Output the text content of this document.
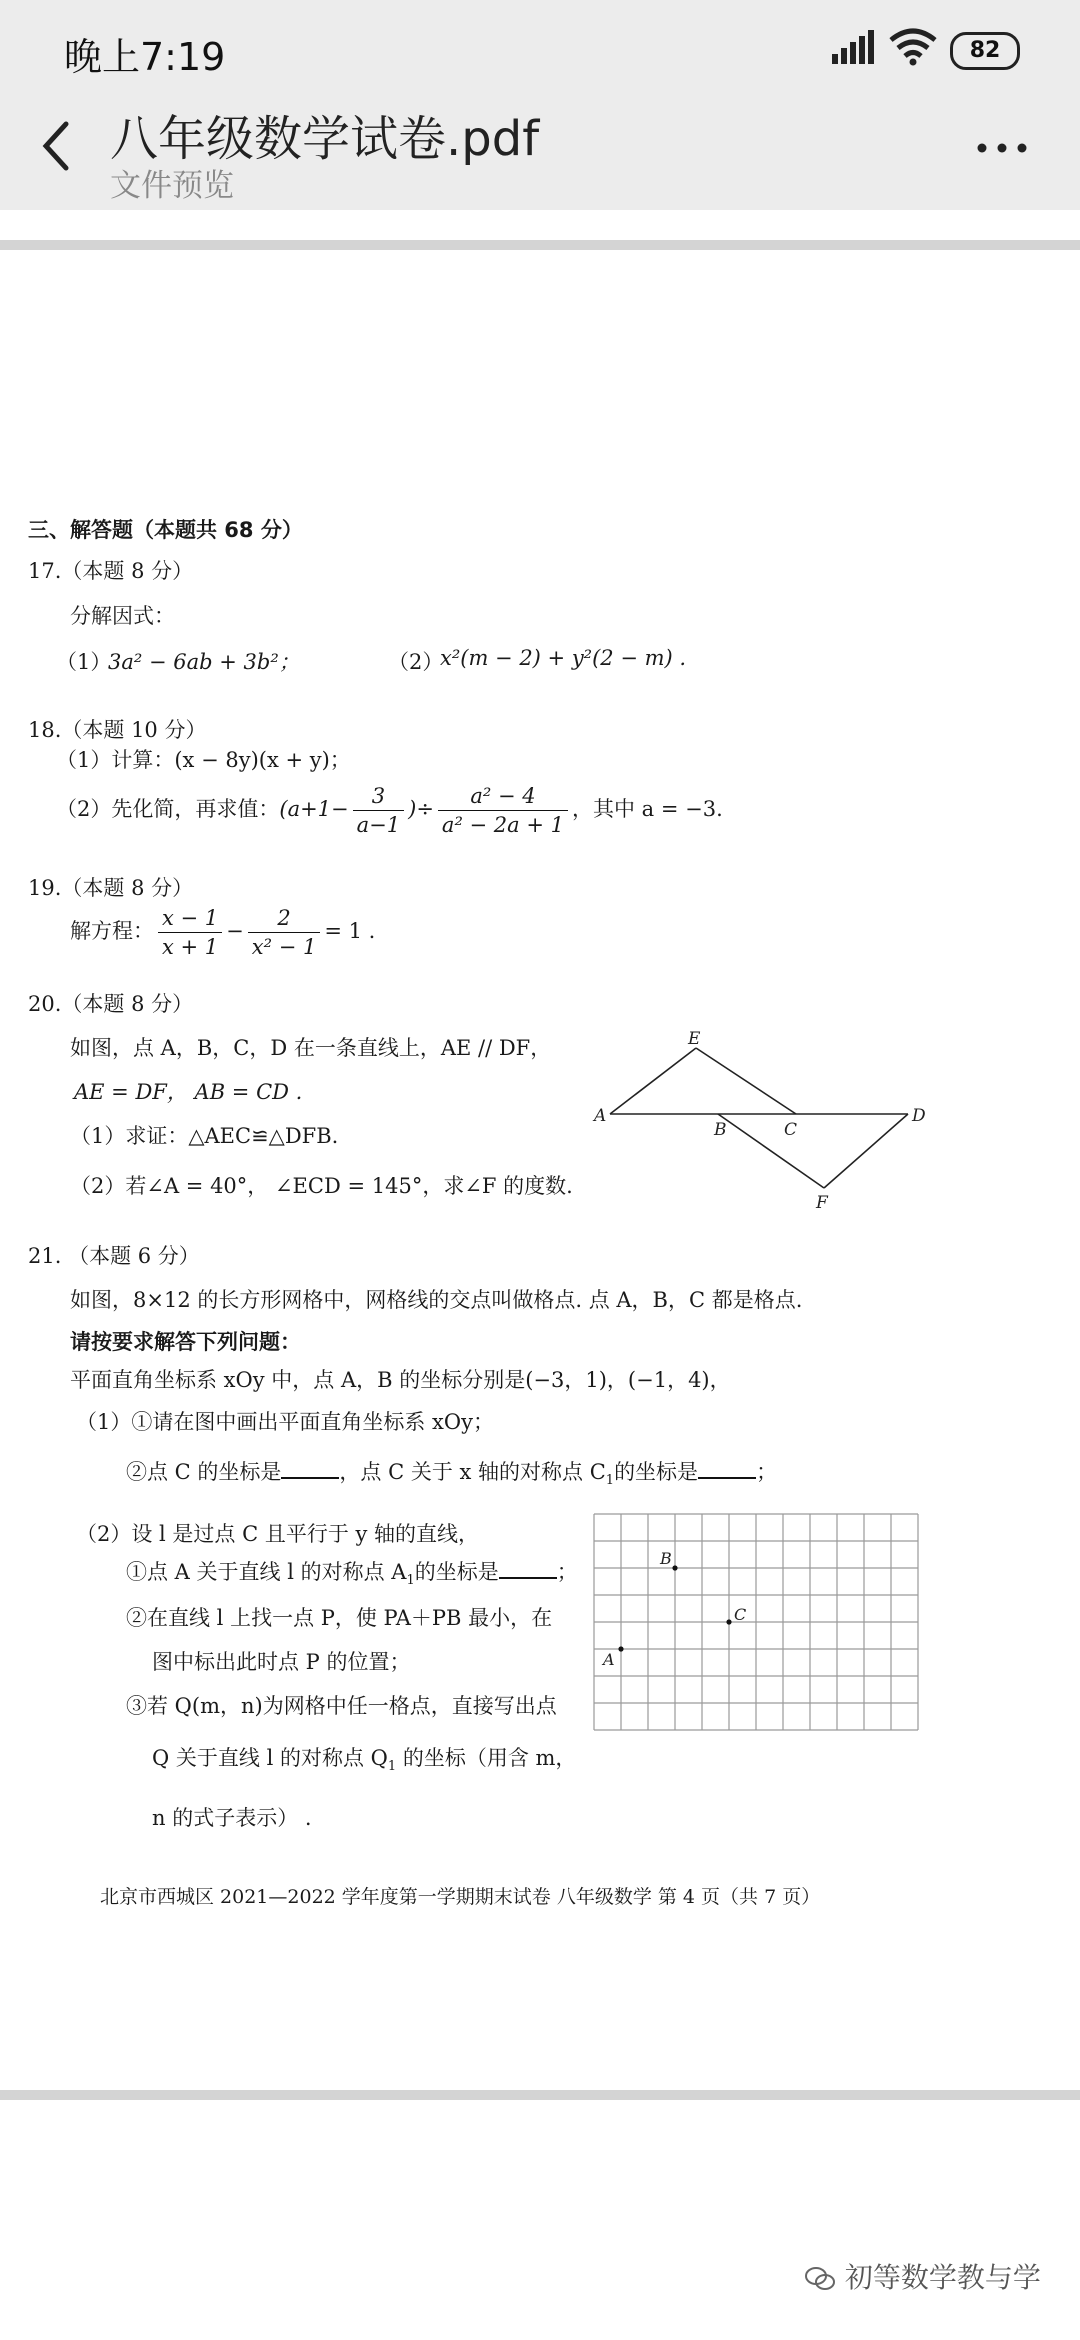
晚上7:19	82
八年级数学试卷.pdf
文件预览
三、解答题（本题共 68 分）
17.（本题 8 分）
分解因式：
（1）
3a² − 6ab + 3b²；	（2）
x²(m − 2) + y²(2 − m) .
18.（本题 10 分）
（1）计算：(x − 8y)(x + y)；
（2）先化简，再求值：($a+1- \frac{3}{a-1}$ )÷ $\frac{\text{a² − 4}}{\text{a² − 2a + 1}}$ ，其中 a = −3.
19.（本题 8 分）
解方程： $\frac{x - 1}{x + 1} - \frac{2}{\text{x² − 1}} = 1$ .
20.（本题 8 分）
如图，点 A，B，C，D 在一条直线上，AE // DF，
AE = DF， AB = CD .
（1）求证：△AEC≌△DFB.
（2）若∠A = 40°， ∠ECD = 145°，求∠F 的度数.
E
A
B	C
D
F
21. （本题 6 分）
如图，8×12 的长方形网格中，网格线的交点叫做格点. 点 A，B，C 都是格点.
请按要求解答下列问题：
平面直角坐标系 xOy 中，点 A，B 的坐标分别是(−3，1)，(−1，4)，
（1）①请在图中画出平面直角坐标系 xOy；
②点 C 的坐标是	，点 C 关于 x 轴的对称点 $C_1$的坐标是	；
（2）设 l 是过点 C 且平行于 y 轴的直线，
①点 A 关于直线 l 的对称点 $A_1$的坐标是	；
②在直线 l 上找一点 P，使 PA＋PB 最小，在
图中标出此时点 P 的位置；
③若 Q(m，n)为网格中任一格点，直接写出点
Q 关于直线 l 的对称点 $Q_1$ 的坐标（用含 m，
n 的式子表示） .
A
B
C
北京市西城区 2021—2022 学年度第一学期期末试卷 八年级数学 第 4 页（共 7 页）
初等数学教与学
